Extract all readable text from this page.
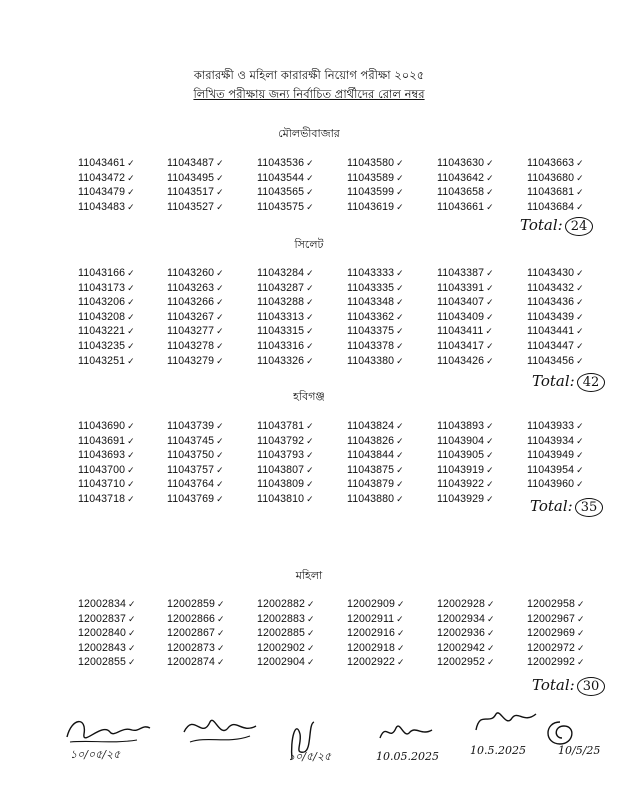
কারারক্ষী ও মহিলা কারারক্ষী নিয়োগ পরীক্ষা ২০২৫
লিখিত পরীক্ষায় জন্য নির্বাচিত প্রার্থীদের রোল নম্বর
মৌলভীবাজার
11043461 ✓	11043487 ✓	11043536 ✓	11043580 ✓	11043630 ✓	11043663 ✓
11043472 ✓	11043495 ✓	11043544 ✓	11043589 ✓	11043642 ✓	11043680 ✓
11043479 ✓	11043517 ✓	11043565 ✓	11043599 ✓	11043658 ✓	11043681 ✓
11043483 ✓	11043527 ✓	11043575 ✓	11043619 ✓	11043661 ✓	11043684 ✓
Total: 24
সিলেট
11043166 ✓	11043260 ✓	11043284 ✓	11043333 ✓	11043387 ✓	11043430 ✓
11043173 ✓	11043263 ✓	11043287 ✓	11043335 ✓	11043391 ✓	11043432 ✓
11043206 ✓	11043266 ✓	11043288 ✓	11043348 ✓	11043407 ✓	11043436 ✓
11043208 ✓	11043267 ✓	11043313 ✓	11043362 ✓	11043409 ✓	11043439 ✓
11043221 ✓	11043277 ✓	11043315 ✓	11043375 ✓	11043411 ✓	11043441 ✓
11043235 ✓	11043278 ✓	11043316 ✓	11043378 ✓	11043417 ✓	11043447 ✓
11043251 ✓	11043279 ✓	11043326 ✓	11043380 ✓	11043426 ✓	11043456 ✓
Total: 42
হবিগঞ্জ
11043690 ✓	11043739 ✓	11043781 ✓	11043824 ✓	11043893 ✓	11043933 ✓
11043691 ✓	11043745 ✓	11043792 ✓	11043826 ✓	11043904 ✓	11043934 ✓
11043693 ✓	11043750 ✓	11043793 ✓	11043844 ✓	11043905 ✓	11043949 ✓
11043700 ✓	11043757 ✓	11043807 ✓	11043875 ✓	11043919 ✓	11043954 ✓
11043710 ✓	11043764 ✓	11043809 ✓	11043879 ✓	11043922 ✓	11043960 ✓
11043718 ✓	11043769 ✓	11043810 ✓	11043880 ✓	11043929 ✓ Total: 35
মহিলা
12002834 ✓	12002859 ✓	12002882 ✓	12002909 ✓	12002928 ✓	12002958 ✓
12002837 ✓	12002866 ✓	12002883 ✓	12002911 ✓	12002934 ✓	12002967 ✓
12002840 ✓	12002867 ✓	12002885 ✓	12002916 ✓	12002936 ✓	12002969 ✓
12002843 ✓	12002873 ✓	12002902 ✓	12002918 ✓	12002942 ✓	12002972 ✓
12002855 ✓	12002874 ✓	12002904 ✓	12002922 ✓	12002952 ✓	12002992 ✓
Total: 30
১০/০৫/২৫	১০/৫/২৫	10.05.2025	10.5.2025	10/5/25
